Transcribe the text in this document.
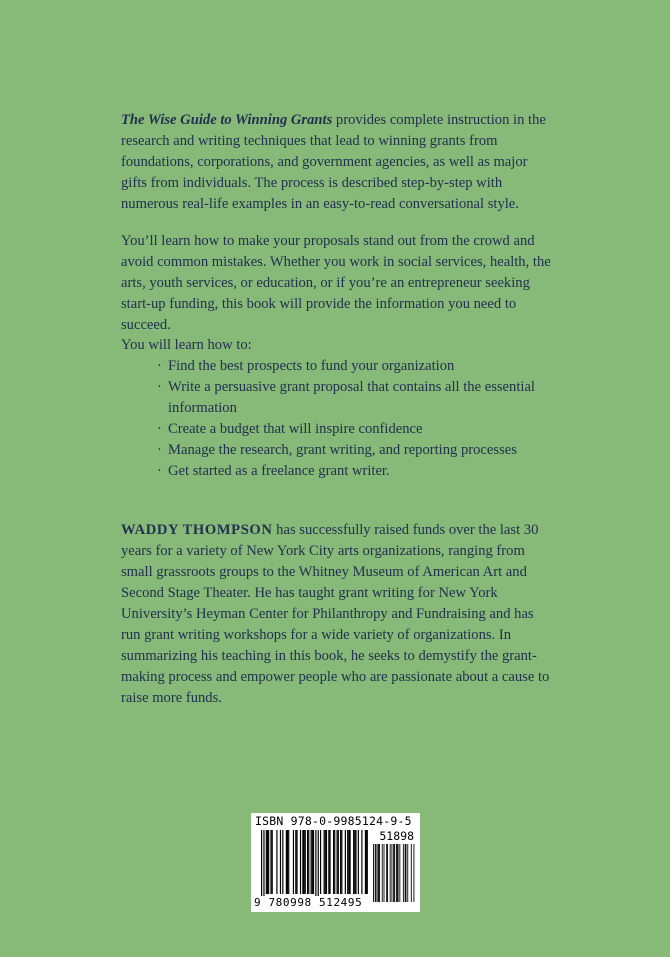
The Wise Guide to Winning Grants provides complete instruction in the research and writing techniques that lead to winning grants from foundations, corporations, and government agencies, as well as major gifts from individuals. The process is described step-by-step with numerous real-life examples in an easy-to-read conversational style.

You’ll learn how to make your proposals stand out from the crowd and avoid common mistakes. Whether you work in social services, health, the arts, youth services, or education, or if you’re an entrepreneur seeking start-up funding, this book will provide the information you need to succeed.

You will learn how to:

· Find the best prospects to fund your organization
· Write a persuasive grant proposal that contains all the essential information
· Create a budget that will inspire confidence
· Manage the research, grant writing, and reporting processes
· Get started as a freelance grant writer.

WADDY THOMPSON has successfully raised funds over the last 30 years for a variety of New York City arts organizations, ranging from small grassroots groups to the Whitney Museum of American Art and Second Stage Theater. He has taught grant writing for New York University’s Heyman Center for Philanthropy and Fundraising and has run grant writing workshops for a wide variety of organizations. In summarizing his teaching in this book, he seeks to demystify the grant-making process and empower people who are passionate about a cause to raise more funds.

ISBN 978-0-9985124-9-5
51898
9 780998 512495
